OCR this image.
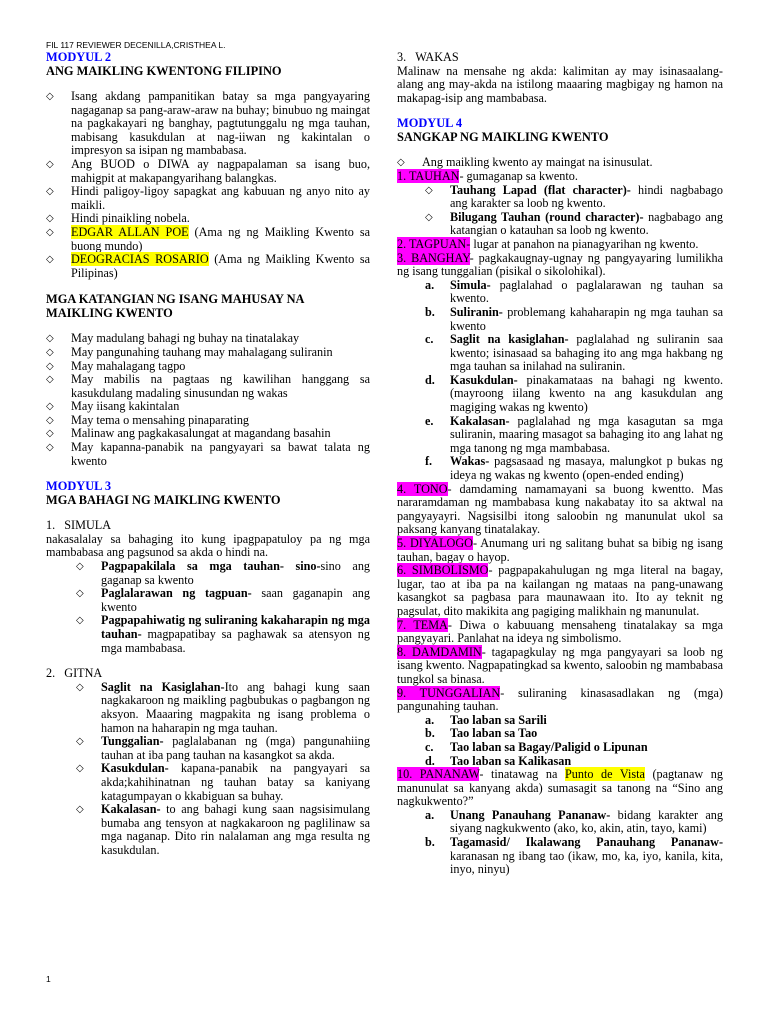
FIL 117 REVIEWER DECENILLA,CRISTHEA L.
MODYUL 2
ANG MAIKLING KWENTONG FILIPINO
◇ Isang akdang pampanitikan batay sa mga pangyayaring nagaganap sa pang-araw-araw na buhay; binubuo ng maingat na pagkakayari ng banghay, pagtutunggalu ng mga tauhan, mabisang kasukdulan at nag-iiwan ng kakintalan o impresyon sa isipan ng mambabasa.
◇ Ang BUOD o DIWA ay nagpapalaman sa isang buo, mahigpit at makapangyarihang balangkas.
◇ Hindi paligoy-ligoy sapagkat ang kabuuan ng anyo nito ay maikli.
◇ Hindi pinaikling nobela.
◇ EDGAR ALLAN POE (Ama ng ng Maikling Kwento sa buong mundo)
◇ DEOGRACIAS ROSARIO (Ama ng Maikling Kwento sa Pilipinas)
MGA KATANGIAN NG ISANG MAHUSAY NA MAIKLING KWENTO
◇ May madulang bahagi ng buhay na tinatalakay
◇ May pangunahing tauhang may mahalagang suliranin
◇ May mahalagang tagpo
◇ May mabilis na pagtaas ng kawilihan hanggang sa kasukdulang madaling sinusundan ng wakas
◇ May iisang kakintalan
◇ May tema o mensahing pinaparating
◇ Malinaw ang pagkakasalungat at magandang basahin
◇ May kapanna-panabik na pangyayari sa bawat talata ng kwento
MODYUL 3
MGA BAHAGI NG MAIKLING KWENTO
1.   SIMULA
nakasalalay sa bahaging ito kung ipagpapatuloy pa ng mga mambabasa ang pagsunod sa akda o hindi na.
◇ Pagpapakilala sa mga tauhan- sino-sino ang gaganap sa kwento
◇ Paglalarawan ng tagpuan- saan gaganapin ang kwento
◇ Pagpapahiwatig ng suliraning kakaharapin ng mga tauhan- magpapatibay sa paghawak sa atensyon ng mga mambabasa.
2.   GITNA
◇ Saglit na Kasiglahan-Ito ang bahagi kung saan nagkakaroon ng maikling pagbubukas o pagbangon ng aksyon. Maaaring magpakita ng isang problema o hamon na haharapin ng mga tauhan.
◇ Tunggalian- paglalabanan ng (mga) pangunahiing tauhan at iba pang tauhan na kasangkot sa akda.
◇ Kasukdulan- kapana-panabik na pangyayari sa akda;kahihinatnan ng tauhan batay sa kaniyang katagumpayan o kkabiguan sa buhay.
◇ Kakalasan- to ang bahagi kung saan nagsisimulang bumaba ang tensyon at nagkakaroon ng paglilinaw sa mga naganap. Dito rin nalalaman ang mga resulta ng kasukdulan.
3.   WAKAS
Malinaw na mensahe ng akda: kalimitan ay may isinasaalang-alang ang may-akda na istilong maaaring magbigay ng hamon na makapag-isip ang mambabasa.
MODYUL 4
SANGKAP NG MAIKLING KWENTO
◇ Ang maikling kwento ay maingat na isinusulat.
1. TAUHAN- gumaganap sa kwento.
◇ Tauhang Lapad (flat character)- hindi nagbabago ang karakter sa loob ng kwento.
◇ Bilugang Tauhan (round character)- nagbabago ang katangian o katauhan sa loob ng kwento.
2. TAGPUAN- lugar at panahon na pianagyarihan ng kwento.
3. BANGHAY- pagkakaugnay-ugnay ng pangyayaring lumilikha ng isang tunggalian (pisikal o sikolohikal).
a. Simula- paglalahad o paglalarawan ng tauhan sa kwento.
b. Suliranin- problemang kahaharapin ng mga tauhan sa kwento
c. Saglit na kasiglahan- paglalahad ng suliranin saa kwento; isinasaad sa bahaging ito ang mga hakbang ng mga tauhan sa inilahad na suliranin.
d. Kasukdulan- pinakamataas na bahagi ng kwento. (mayroong iilang kwento na ang kasukdulan ang magiging wakas ng kwento)
e. Kakalasan- paglalahad ng mga kasagutan sa mga suliranin, maaring masagot sa bahaging ito ang lahat ng mga tanong ng mga mambabasa.
f. Wakas- pagsasaad ng masaya, malungkot p bukas ng ideya ng wakas ng kwento (open-ended ending)
4. TONO- damdaming namamayani sa buong kwentto. Mas nararamdaman ng mambabasa kung nakabatay ito sa aktwal na pangyayayri. Nagsisilbi itong saloobin ng manunulat ukol sa paksang kanyang tinatalakay.
5. DIYALOGO- Anumang uri ng salitang buhat sa bibig ng isang tauhan, bagay o hayop.
6. SIMBOLISMO- pagpapakahulugan ng mga literal na bagay, lugar, tao at iba pa na kailangan ng mataas na pang-unawang kasangkot sa pagbasa para maunawaan ito. Ito ay teknit ng pagsulat, dito makikita ang pagiging malikhain ng manunulat.
7. TEMA- Diwa o kabuuang mensaheng tinatalakay sa mga pangyayari. Panlahat na ideya ng simbolismo.
8. DAMDAMIN- tagapagkulay ng mga pangyayari sa loob ng isang kwento. Nagpapatingkad sa kwento, saloobin ng mambabasa tungkol sa binasa.
9. TUNGGALIAN- suliraning kinasasadlakan ng (mga) pangunahing tauhan.
a. Tao laban sa Sarili
b. Tao laban sa Tao
c. Tao laban sa Bagay/Paligid o Lipunan
d. Tao laban sa Kalikasan
10. PANANAW- tinatawag na Punto de Vista (pagtanaw ng manunulat sa kanyang akda) sumasagit sa tanong na “Sino ang nagkukwento?”
a. Unang Panauhang Pananaw- bidang karakter ang siyang nagkukwento (ako, ko, akin, atin, tayo, kami)
b. Tagamasid/ Ikalawang Panauhang Pananaw- karanasan ng ibang tao (ikaw, mo, ka, iyo, kanila, kita, inyo, ninyu)
1
